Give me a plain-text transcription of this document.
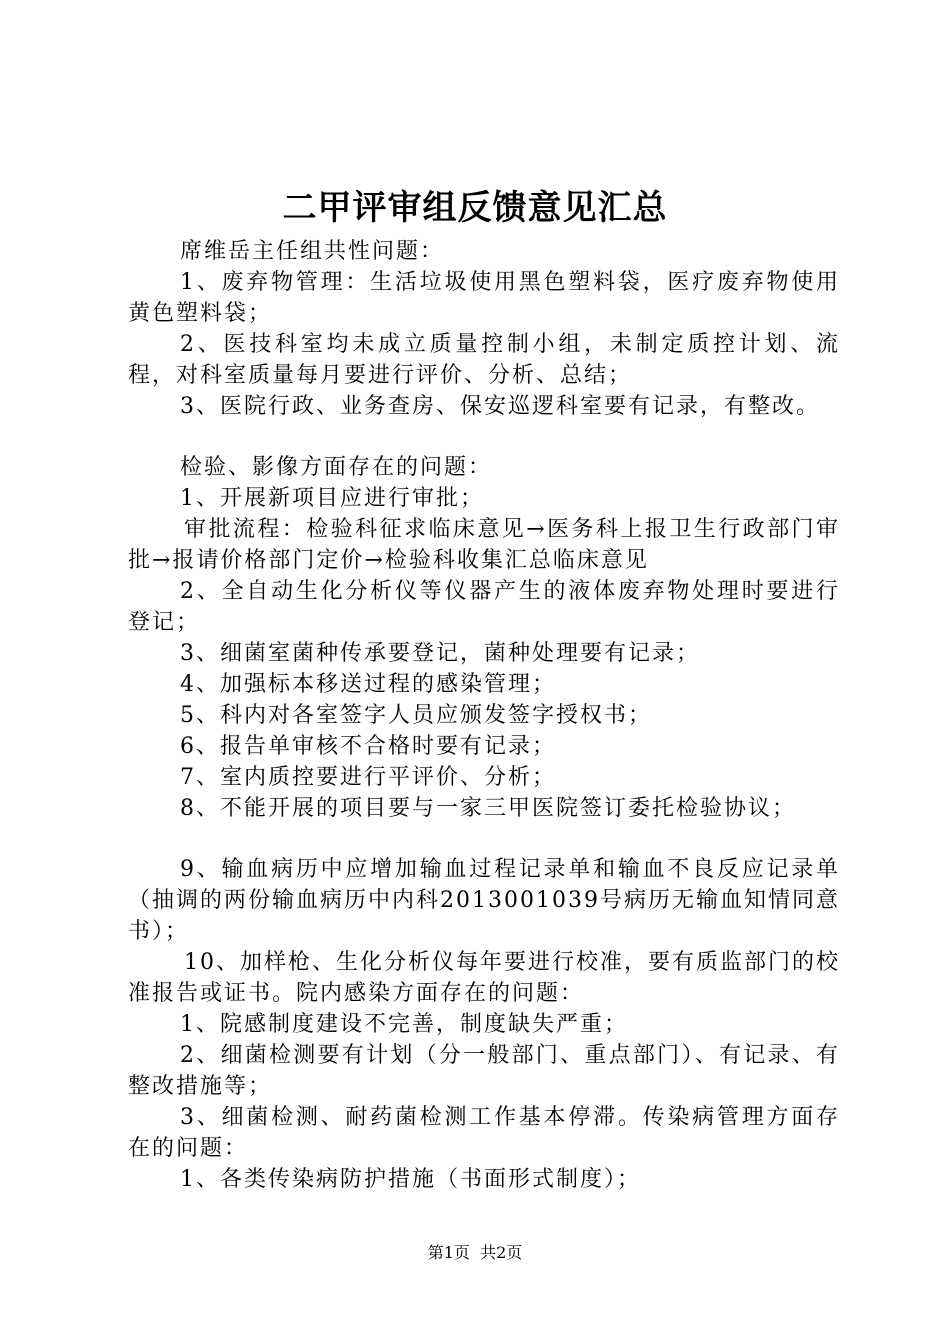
二甲评审组反馈意见汇总

席维岳主任组共性问题：

1、废弃物管理：生活垃圾使用黑色塑料袋，医疗废弃物使用黄色塑料袋；

2、医技科室均未成立质量控制小组，未制定质控计划、流程，对科室质量每月要进行评价、分析、总结；

3、医院行政、业务查房、保安巡逻科室要有记录，有整改。

检验、影像方面存在的问题：

1、开展新项目应进行审批；

审批流程：检验科征求临床意见→医务科上报卫生行政部门审批→报请价格部门定价→检验科收集汇总临床意见

2、全自动生化分析仪等仪器产生的液体废弃物处理时要进行登记；

3、细菌室菌种传承要登记，菌种处理要有记录；

4、加强标本移送过程的感染管理；

5、科内对各室签字人员应颁发签字授权书；

6、报告单审核不合格时要有记录；

7、室内质控要进行平评价、分析；

8、不能开展的项目要与一家三甲医院签订委托检验协议；

9、输血病历中应增加输血过程记录单和输血不良反应记录单（抽调的两份输血病历中内科2013001039号病历无输血知情同意书）；

10、加样枪、生化分析仪每年要进行校准，要有质监部门的校准报告或证书。院内感染方面存在的问题：

1、院感制度建设不完善，制度缺失严重；

2、细菌检测要有计划（分一般部门、重点部门）、有记录、有整改措施等；

3、细菌检测、耐药菌检测工作基本停滞。传染病管理方面存在的问题：

1、各类传染病防护措施（书面形式制度）；

第1页  共2页
